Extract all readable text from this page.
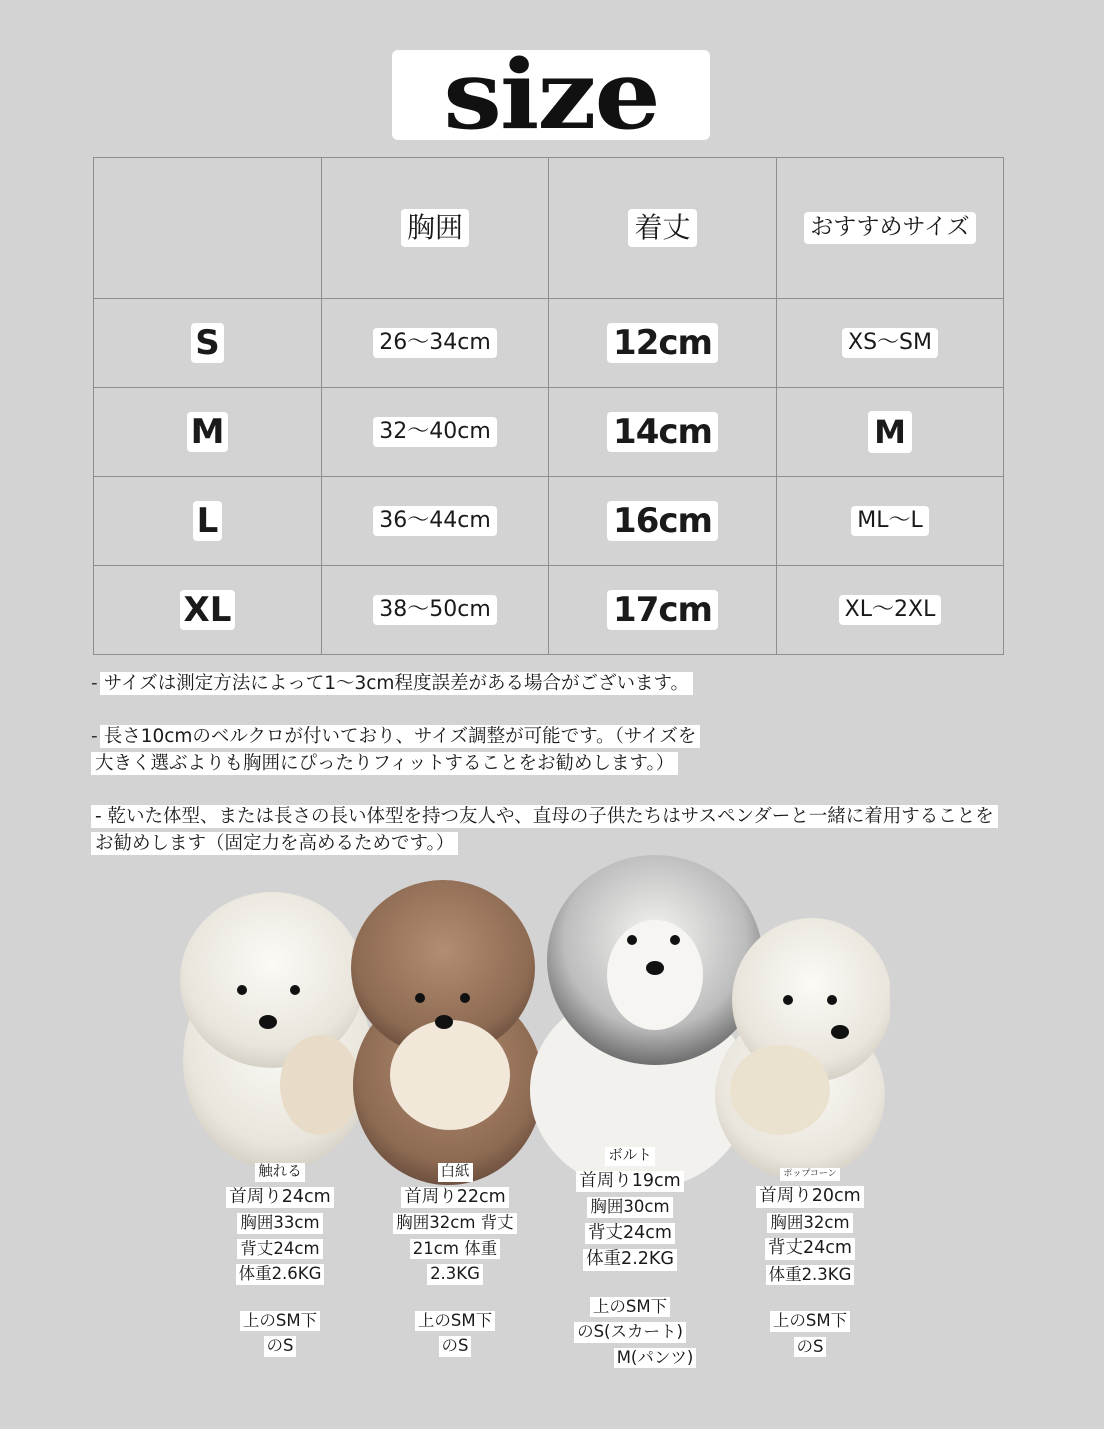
size
	胸囲	着丈	おすすめサイズ
S	26〜34cm	12cm	XS〜SM
M	32〜40cm	14cm	M
L	36〜44cm	16cm	ML〜L
XL	38〜50cm	17cm	XL〜2XL
- サイズは測定方法によって1〜3cm程度誤差がある場合がございます。
- 長さ10cmのベルクロが付いており、サイズ調整が可能です。（サイズを
大きく選ぶよりも胸囲にぴったりフィットすることをお勧めします。）
- 乾いた体型、または長さの長い体型を持つ友人や、直母の子供たちはサスペンダーと一緒に着用することを
お勧めします（固定力を高めるためです。）
触れる
首周り24cm
胸囲33cm
背丈24cm
体重2.6KG
上のSM下
のS
白紙
首周り22cm
胸囲32cm 背丈
21cm 体重
2.3KG
上のSM下
のS
ボルト
首周り19cm
胸囲30cm
背丈24cm
体重2.2KG
上のSM下
のS(スカート)
M(パンツ)
ポップコーン
首周り20cm
胸囲32cm
背丈24cm
体重2.3KG
上のSM下
のS
